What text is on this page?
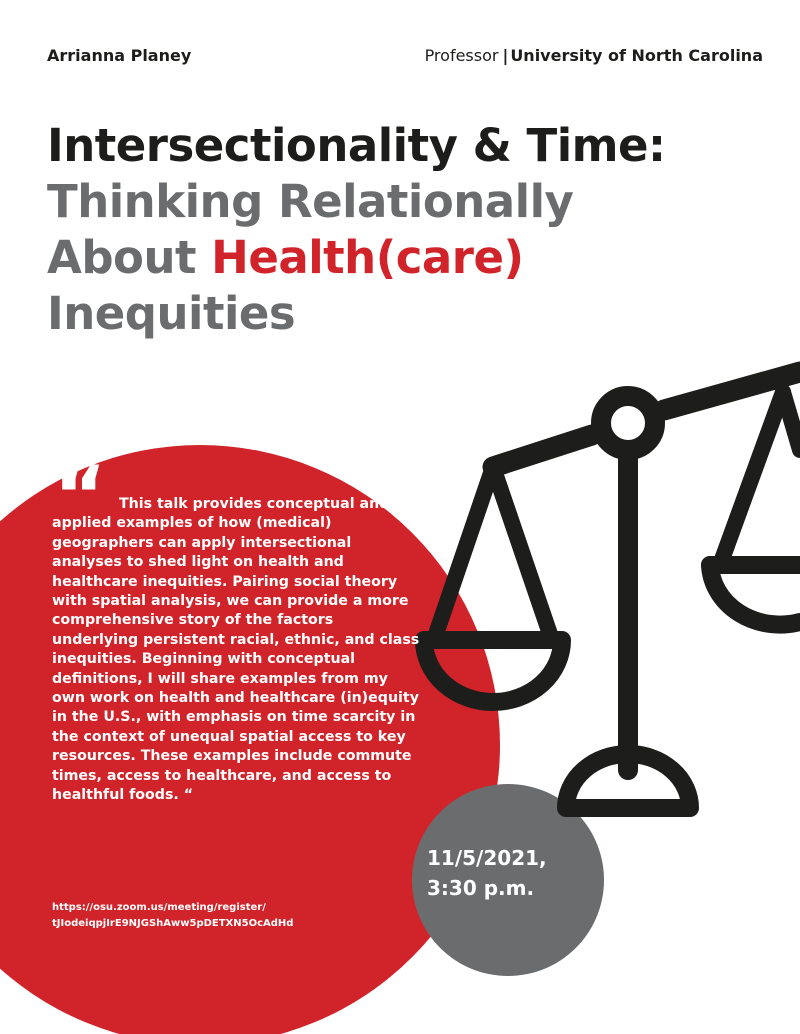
Arrianna Planey	Professor | University of North Carolina
Intersectionality & Time:
Thinking Relationally
About Health(care)
Inequities
“ This talk provides conceptual and applied examples of how (medical) geographers can apply intersectional analyses to shed light on health and healthcare inequities. Pairing social theory with spatial analysis, we can provide a more comprehensive story of the factors underlying persistent racial, ethnic, and class inequities. Beginning with conceptual definitions, I will share examples from my own work on health and healthcare (in)equity in the U.S., with emphasis on time scarcity in the context of unequal spatial access to key resources. These examples include commute times, access to healthcare, and access to healthful foods. “

https://osu.zoom.us/meeting/register/
tJIodeiqpjIrE9NJGShAww5pDETXN5OcAdHd
11/5/2021,
3:30 p.m.
